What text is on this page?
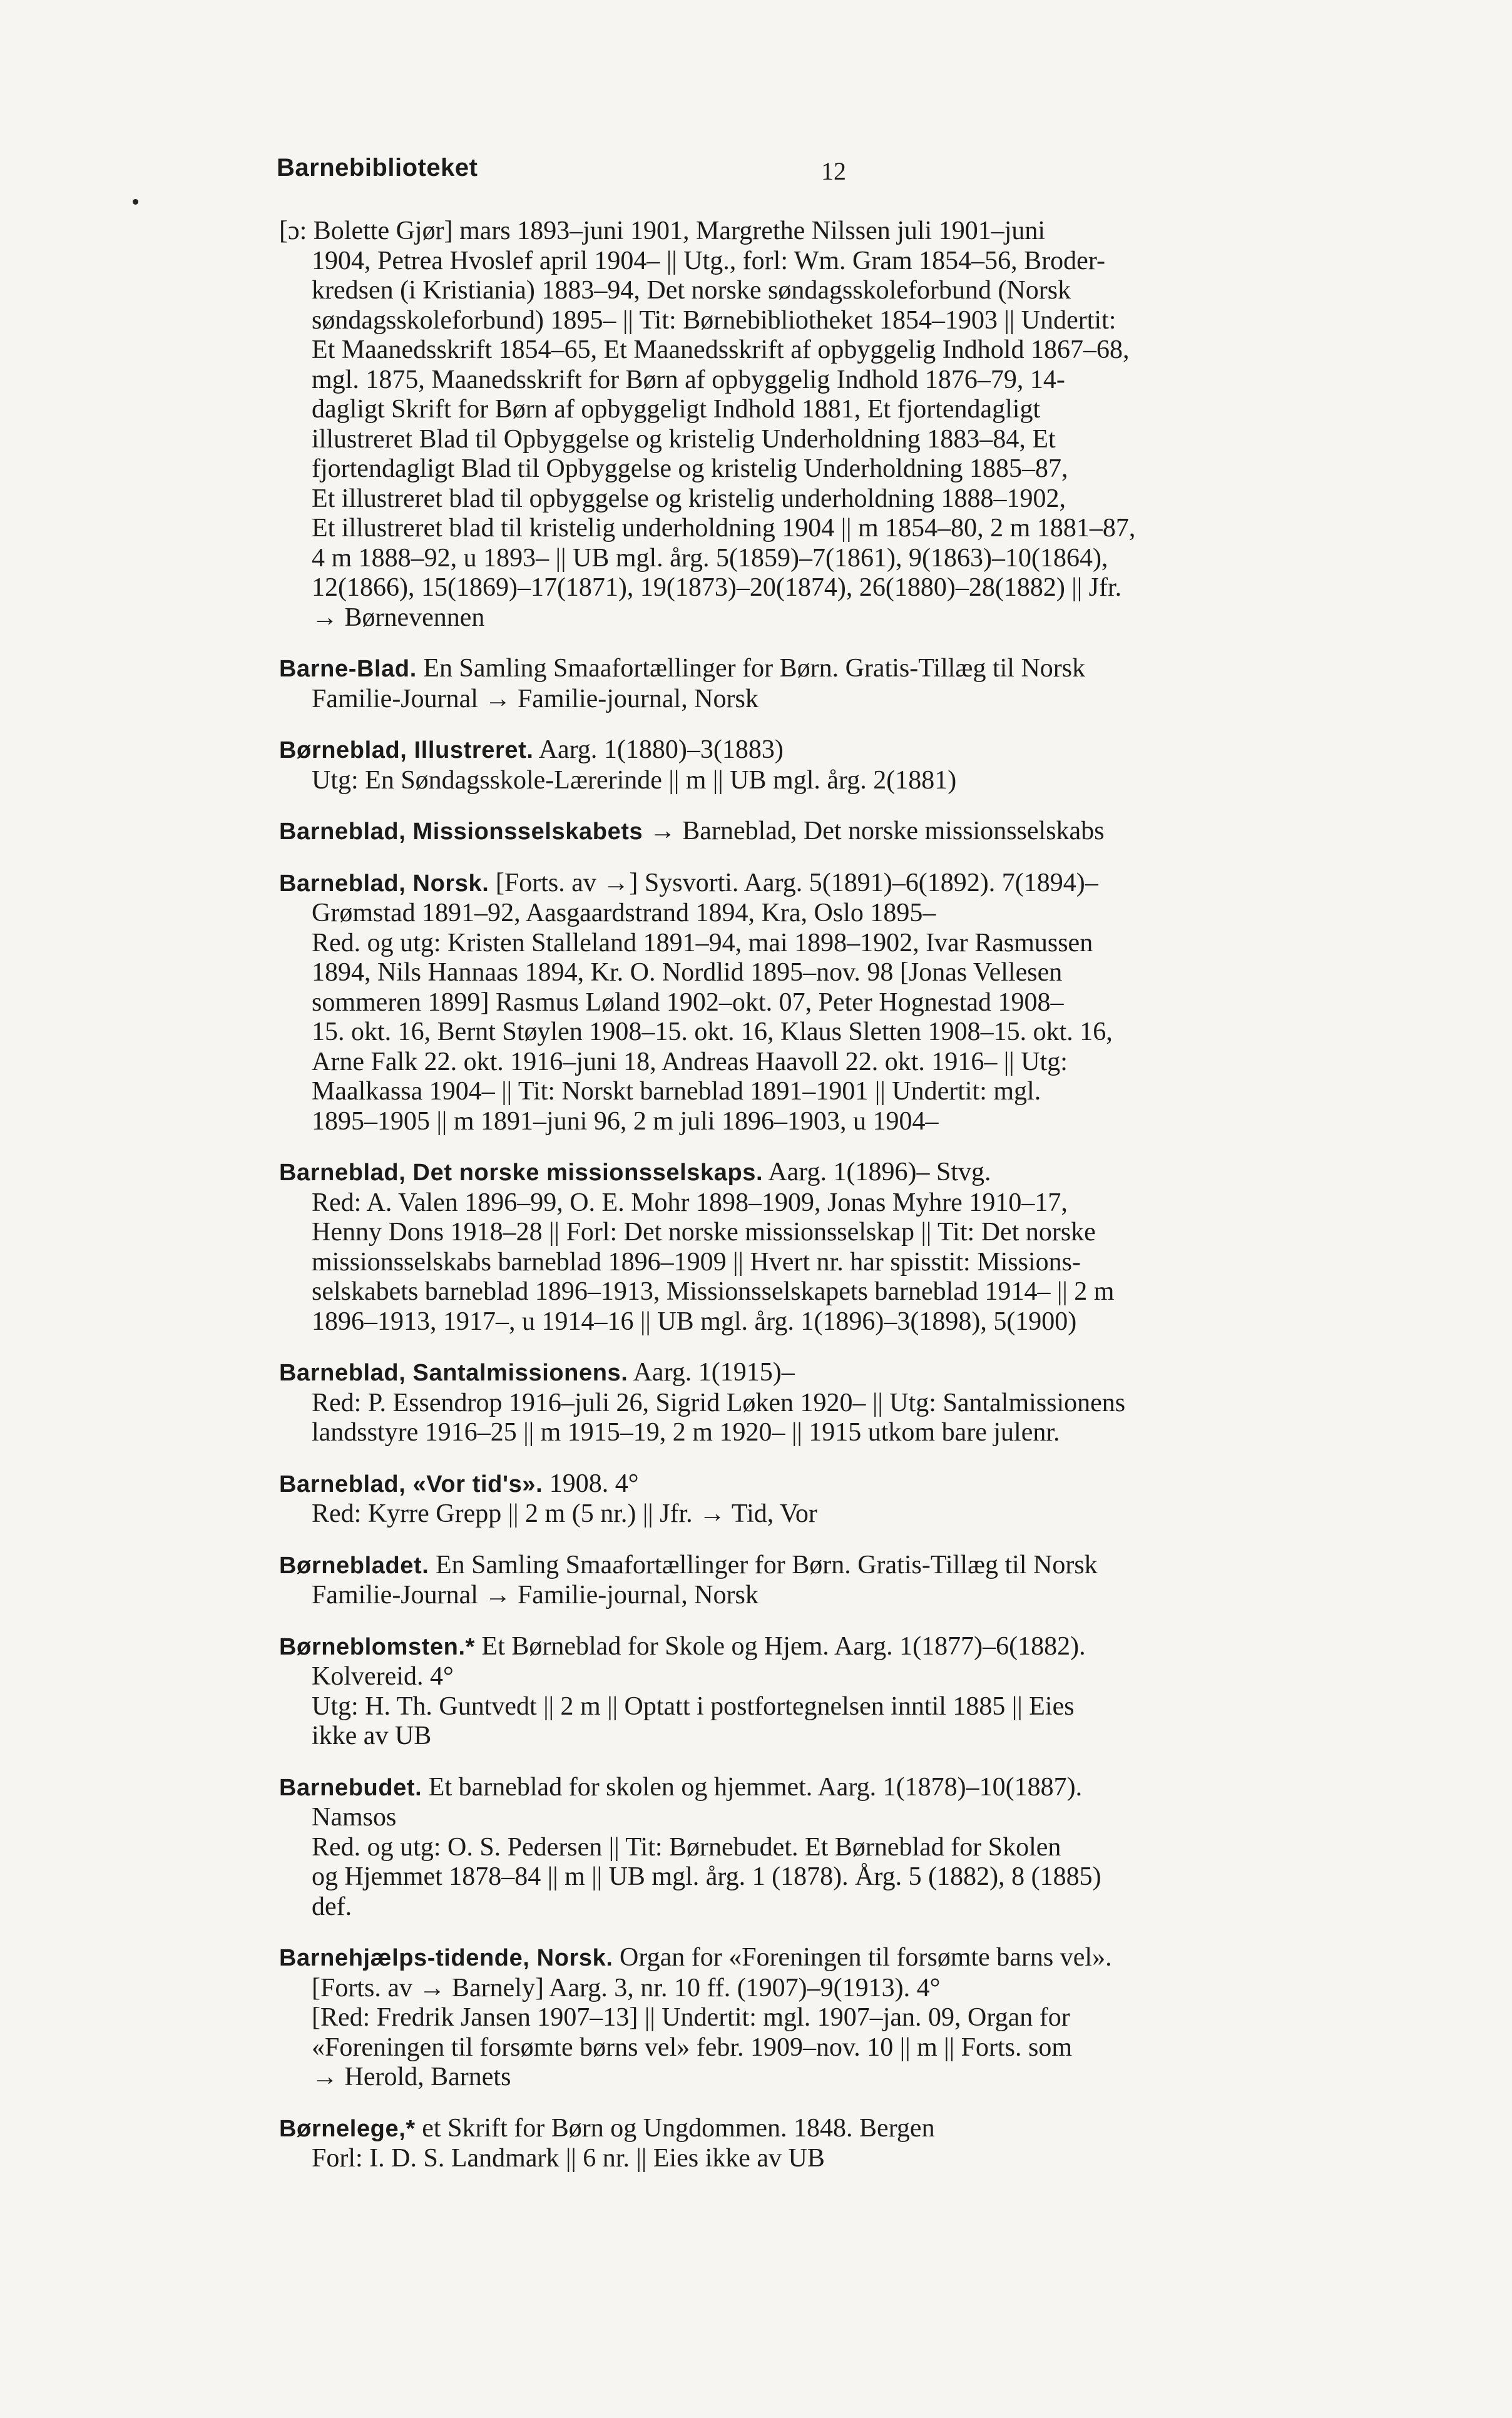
Barnebiblioteket	12
[ɔ: Bolette Gjør] mars 1893–juni 1901, Margrethe Nilssen juli 1901–juni
1904, Petrea Hvoslef april 1904– || Utg., forl: Wm. Gram 1854–56, Broder-
kredsen (i Kristiania) 1883–94, Det norske søndagsskoleforbund (Norsk
søndagsskoleforbund) 1895– || Tit: Børnebibliotheket 1854–1903 || Undertit:
Et Maanedsskrift 1854–65, Et Maanedsskrift af opbyggelig Indhold 1867–68,
mgl. 1875, Maanedsskrift for Børn af opbyggelig Indhold 1876–79, 14-
dagligt Skrift for Børn af opbyggeligt Indhold 1881, Et fjortendagligt
illustreret Blad til Opbyggelse og kristelig Underholdning 1883–84, Et
fjortendagligt Blad til Opbyggelse og kristelig Underholdning 1885–87,
Et illustreret blad til opbyggelse og kristelig underholdning 1888–1902,
Et illustreret blad til kristelig underholdning 1904 || m 1854–80, 2 m 1881–87,
4 m 1888–92, u 1893– || UB mgl. årg. 5(1859)–7(1861), 9(1863)–10(1864),
12(1866), 15(1869)–17(1871), 19(1873)–20(1874), 26(1880)–28(1882) || Jfr.
→ Børnevennen
Barne-Blad. En Samling Smaafortællinger for Børn. Gratis-Tillæg til Norsk
Familie-Journal → Familie-journal, Norsk
Børneblad, Illustreret. Aarg. 1(1880)–3(1883)
Utg: En Søndagsskole-Lærerinde || m || UB mgl. årg. 2(1881)
Barneblad, Missionsselskabets → Barneblad, Det norske missionsselskabs
Barneblad, Norsk. [Forts. av →] Sysvorti. Aarg. 5(1891)–6(1892). 7(1894)–
Grømstad 1891–92, Aasgaardstrand 1894, Kra, Oslo 1895–
Red. og utg: Kristen Stalleland 1891–94, mai 1898–1902, Ivar Rasmussen
1894, Nils Hannaas 1894, Kr. O. Nordlid 1895–nov. 98 [Jonas Vellesen
sommeren 1899] Rasmus Løland 1902–okt. 07, Peter Hognestad 1908–
15. okt. 16, Bernt Støylen 1908–15. okt. 16, Klaus Sletten 1908–15. okt. 16,
Arne Falk 22. okt. 1916–juni 18, Andreas Haavoll 22. okt. 1916– || Utg:
Maalkassa 1904– || Tit: Norskt barneblad 1891–1901 || Undertit: mgl.
1895–1905 || m 1891–juni 96, 2 m juli 1896–1903, u 1904–
Barneblad, Det norske missionsselskaps. Aarg. 1(1896)– Stvg.
Red: A. Valen 1896–99, O. E. Mohr 1898–1909, Jonas Myhre 1910–17,
Henny Dons 1918–28 || Forl: Det norske missionsselskap || Tit: Det norske
missionsselskabs barneblad 1896–1909 || Hvert nr. har spisstit: Missions-
selskabets barneblad 1896–1913, Missionsselskapets barneblad 1914– || 2 m
1896–1913, 1917–, u 1914–16 || UB mgl. årg. 1(1896)–3(1898), 5(1900)
Barneblad, Santalmissionens. Aarg. 1(1915)–
Red: P. Essendrop 1916–juli 26, Sigrid Løken 1920– || Utg: Santalmissionens
landsstyre 1916–25 || m 1915–19, 2 m 1920– || 1915 utkom bare julenr.
Barneblad, «Vor tid's». 1908. 4°
Red: Kyrre Grepp || 2 m (5 nr.) || Jfr. → Tid, Vor
Børnebladet. En Samling Smaafortællinger for Børn. Gratis-Tillæg til Norsk
Familie-Journal → Familie-journal, Norsk
Børneblomsten.* Et Børneblad for Skole og Hjem. Aarg. 1(1877)–6(1882).
Kolvereid. 4°
Utg: H. Th. Guntvedt || 2 m || Optatt i postfortegnelsen inntil 1885 || Eies
ikke av UB
Barnebudet. Et barneblad for skolen og hjemmet. Aarg. 1(1878)–10(1887).
Namsos
Red. og utg: O. S. Pedersen || Tit: Børnebudet. Et Børneblad for Skolen
og Hjemmet 1878–84 || m || UB mgl. årg. 1 (1878). Årg. 5 (1882), 8 (1885)
def.
Barnehjælps-tidende, Norsk. Organ for «Foreningen til forsømte barns vel».
[Forts. av → Barnely] Aarg. 3, nr. 10 ff. (1907)–9(1913). 4°
[Red: Fredrik Jansen 1907–13] || Undertit: mgl. 1907–jan. 09, Organ for
«Foreningen til forsømte børns vel» febr. 1909–nov. 10 || m || Forts. som
→ Herold, Barnets
Børnelege,* et Skrift for Børn og Ungdommen. 1848. Bergen
Forl: I. D. S. Landmark || 6 nr. || Eies ikke av UB
